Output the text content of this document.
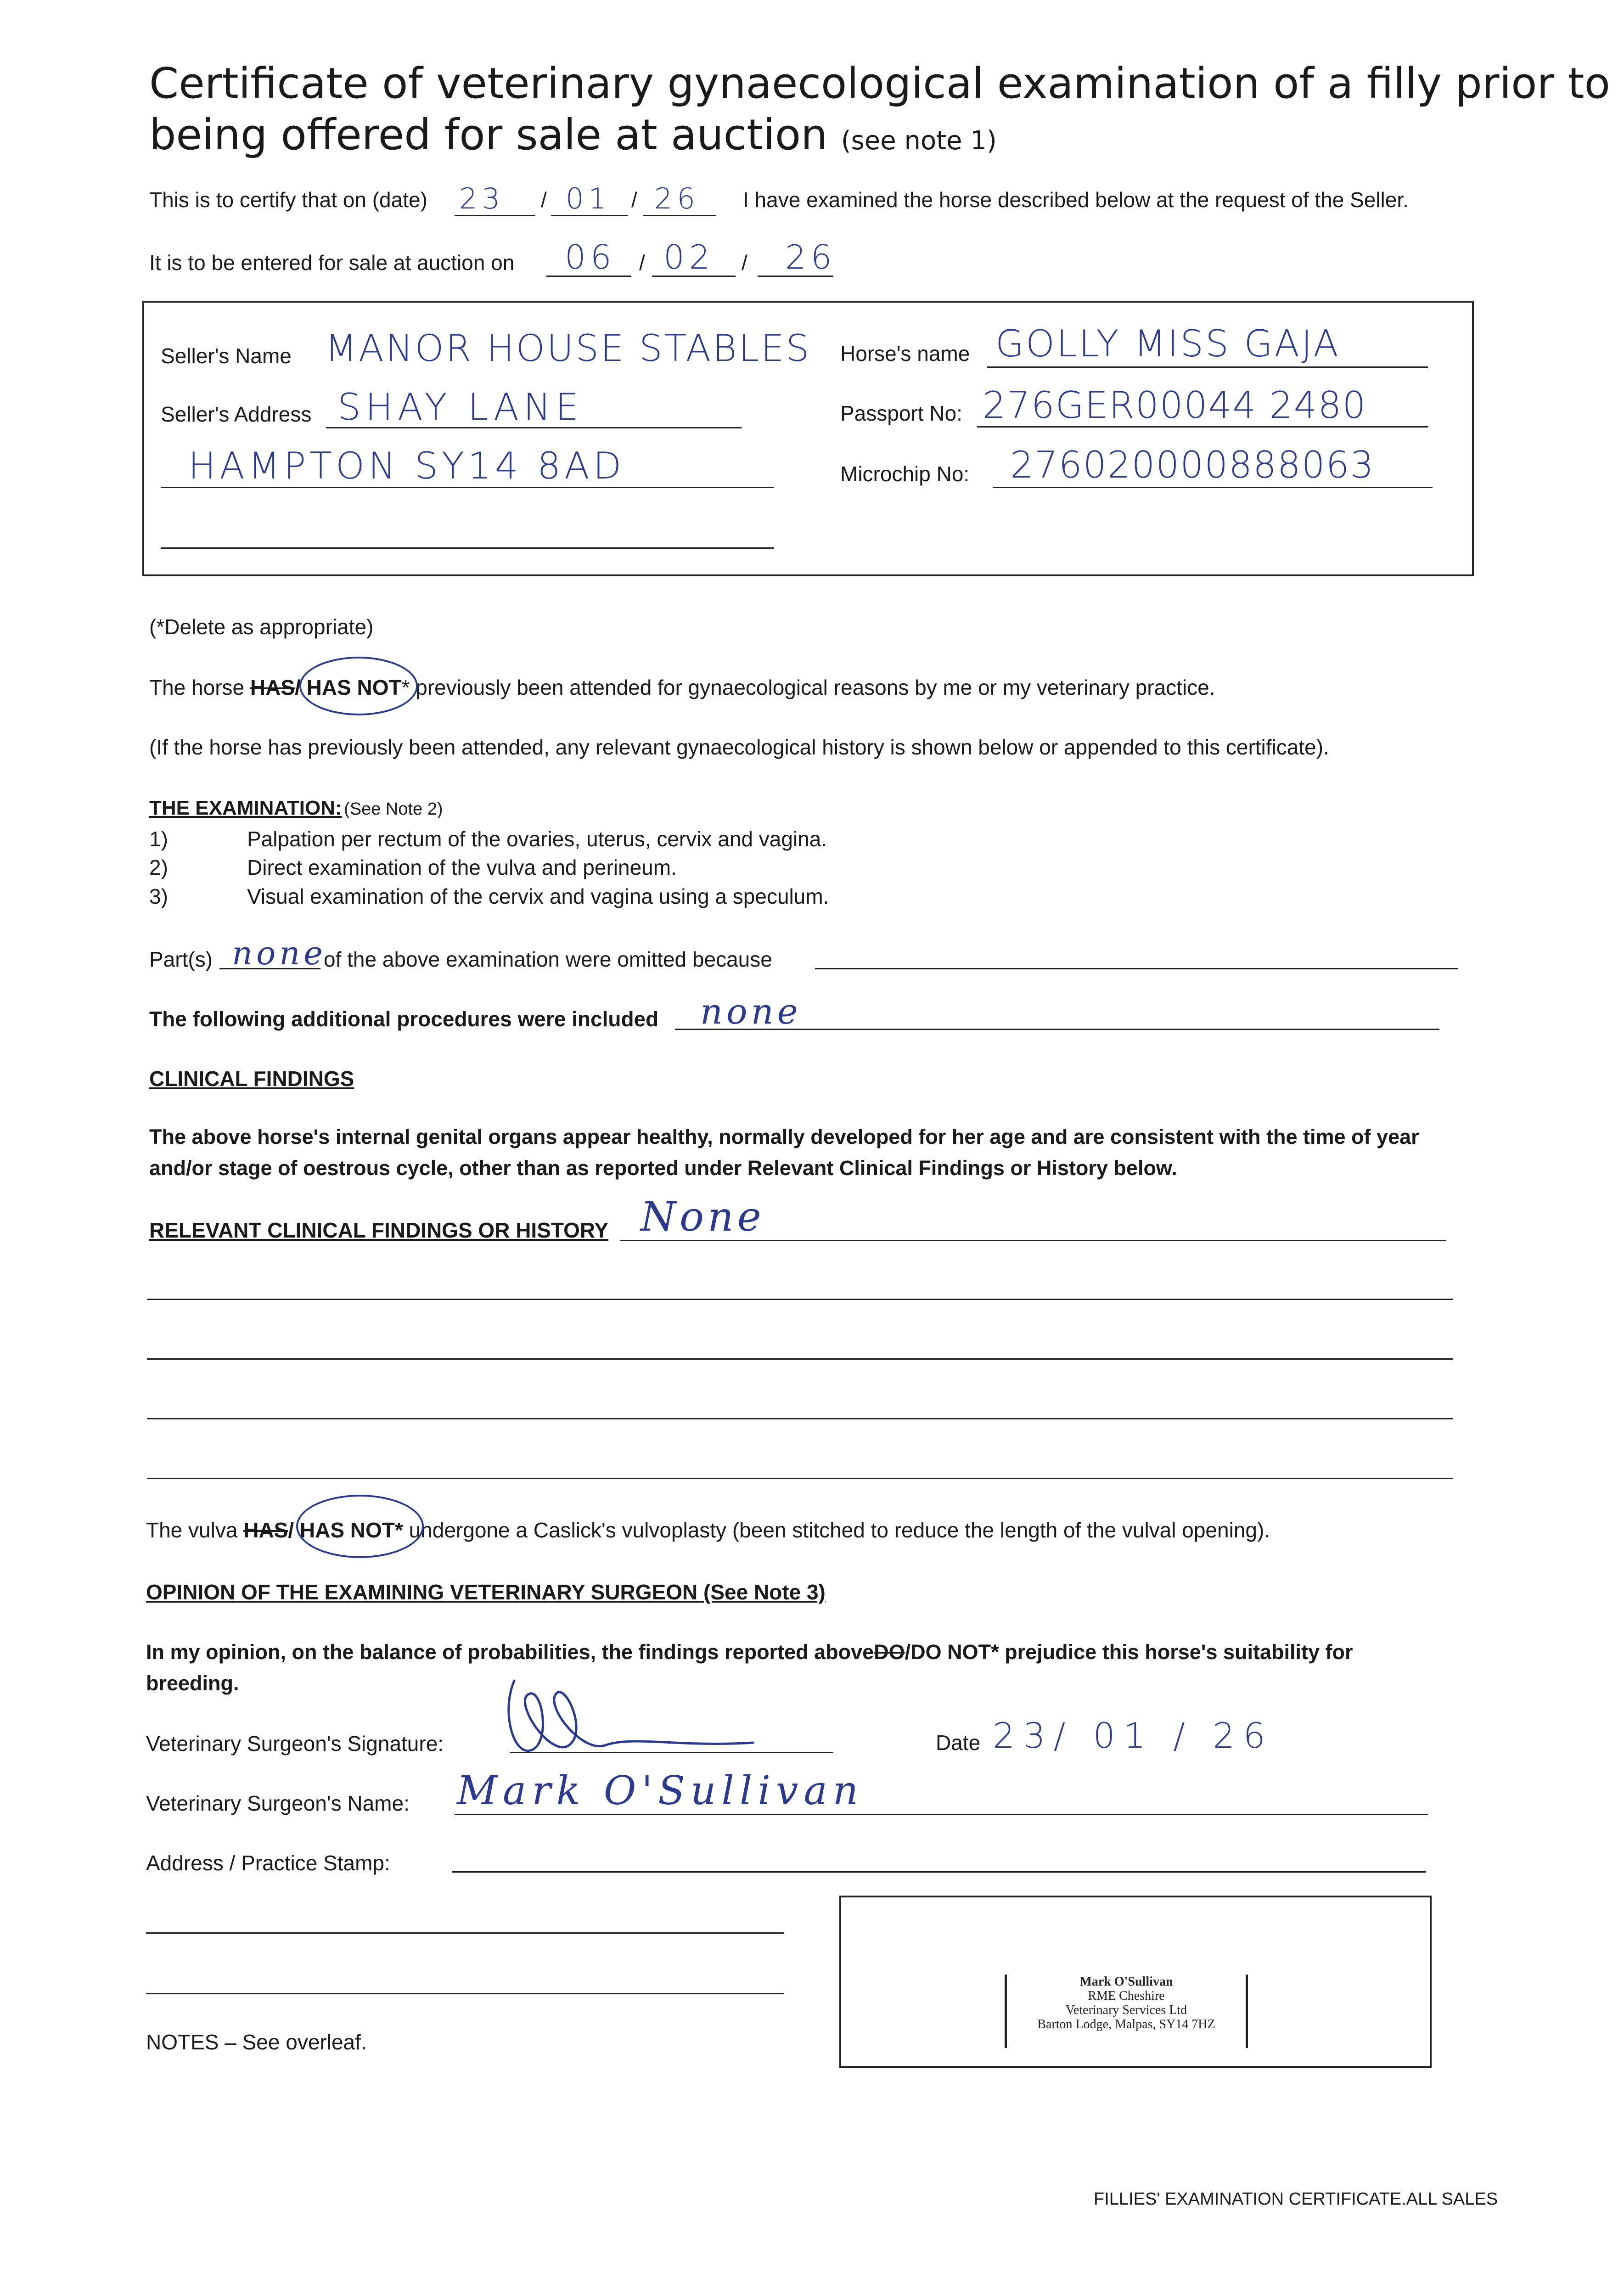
Certificate of veterinary gynaecological examination of a filly prior to
being offered for sale at auction (see note 1)
This is to certify that on (date) 23 / 01 / 26 I have examined the horse described below at the request of the Seller.
It is to be entered for sale at auction on 06 / 02 / 26
Seller's Name MANOR HOUSE STABLES
Seller's Address SHAY LANE
HAMPTON SY14 8AD
Horse's name GOLLY MISS GAJA
Passport No: 276GER00044 2480
Microchip No: 276020000888063
(*Delete as appropriate)
The horse HAS/ HAS NOT* previously been attended for gynaecological reasons by me or my veterinary practice.
(If the horse has previously been attended, any relevant gynaecological history is shown below or appended to this certificate).
THE EXAMINATION: (See Note 2)
1)	Palpation per rectum of the ovaries, uterus, cervix and vagina.
2)	Direct examination of the vulva and perineum.
3)	Visual examination of the cervix and vagina using a speculum.
Part(s) none
of the above examination were omitted because
The following additional procedures were included none
CLINICAL FINDINGS
The above horse's internal genital organs appear healthy, normally developed for her age and are consistent with the time of year
and/or stage of oestrous cycle, other than as reported under Relevant Clinical Findings or History below.
RELEVANT CLINICAL FINDINGS OR HISTORY None
The vulva HAS/ HAS NOT* undergone a Caslick's vulvoplasty (been stitched to reduce the length of the vulval opening).
OPINION OF THE EXAMINING VETERINARY SURGEON (See Note 3)
In my opinion, on the balance of probabilities, the findings reported aboveDO/DO NOT* prejudice this horse's suitability for
breeding.
Veterinary Surgeon's Signature:	Date 23/ 01 / 26
Veterinary Surgeon's Name: Mark O'Sullivan
Address / Practice Stamp:
Mark O'Sullivan
RME Cheshire
Veterinary Services Ltd
Barton Lodge, Malpas, SY14 7HZ
NOTES – See overleaf.
FILLIES' EXAMINATION CERTIFICATE.ALL SALES
